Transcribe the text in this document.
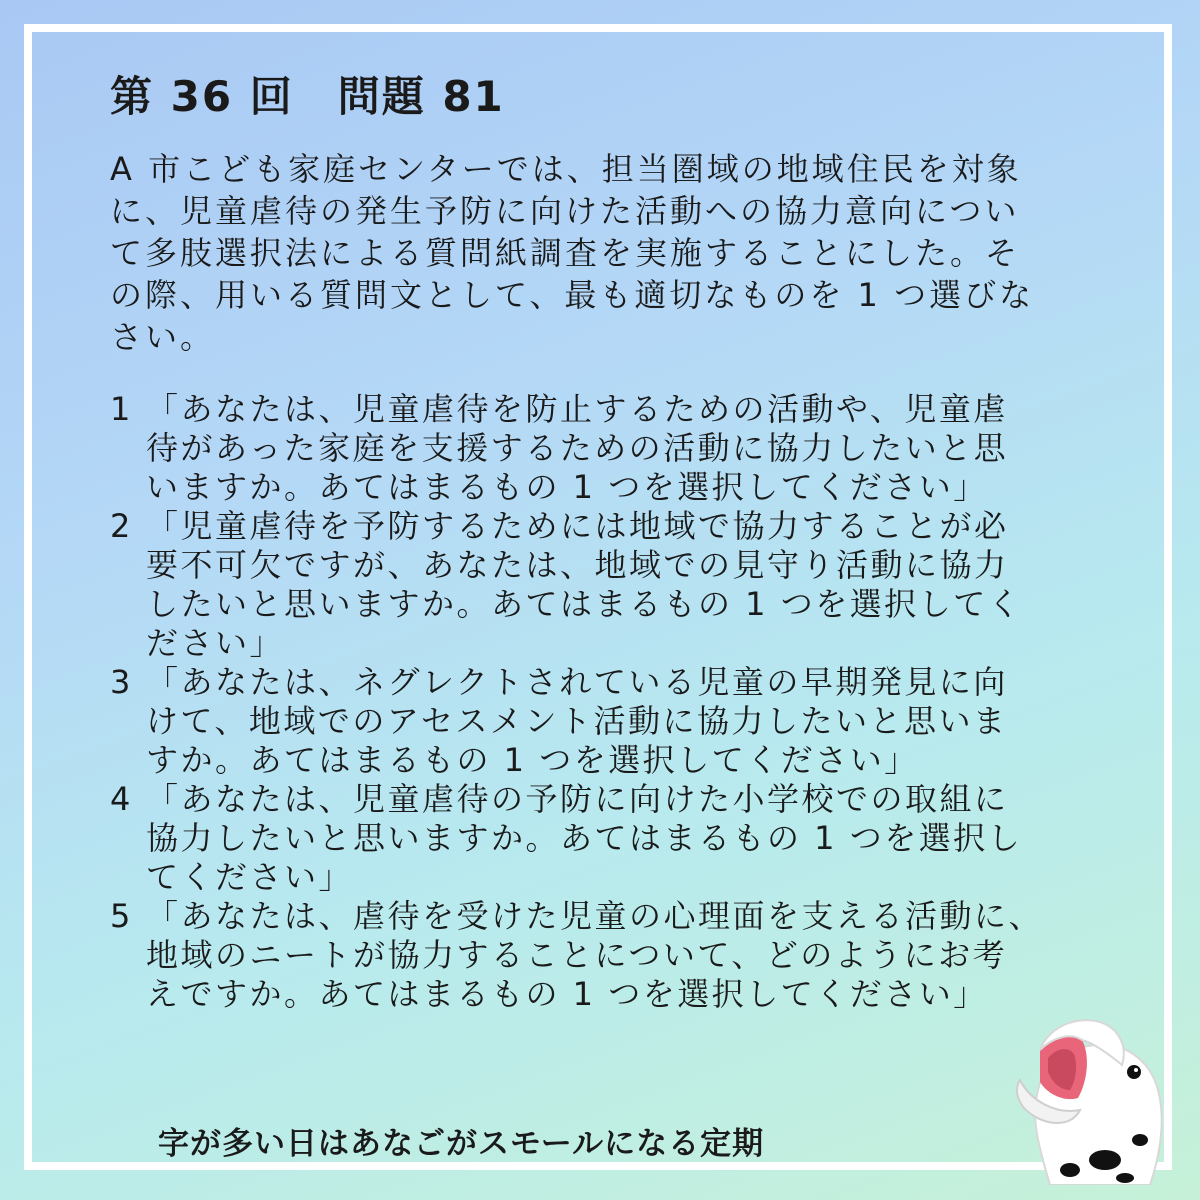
第 36 回　問題 81

A 市こども家庭センターでは、担当圏域の地域住民を対象
に、児童虐待の発生予防に向けた活動への協力意向につい
て多肢選択法による質問紙調査を実施することにした。そ
の際、用いる質問文として、最も適切なものを 1 つ選びな
さい。

1 「あなたは、児童虐待を防止するための活動や、児童虐
待があった家庭を支援するための活動に協力したいと思
いますか。あてはまるもの 1 つを選択してください」
2 「児童虐待を予防するためには地域で協力することが必
要不可欠ですが、あなたは、地域での見守り活動に協力
したいと思いますか。あてはまるもの 1 つを選択してく
ださい」
3 「あなたは、ネグレクトされている児童の早期発見に向
けて、地域でのアセスメント活動に協力したいと思いま
すか。あてはまるもの 1 つを選択してください」
4 「あなたは、児童虐待の予防に向けた小学校での取組に
協力したいと思いますか。あてはまるもの 1 つを選択し
てください」
5 「あなたは、虐待を受けた児童の心理面を支える活動に、
地域のニートが協力することについて、どのようにお考
えですか。あてはまるもの 1 つを選択してください」
字が多い日はあなごがスモールになる定期
